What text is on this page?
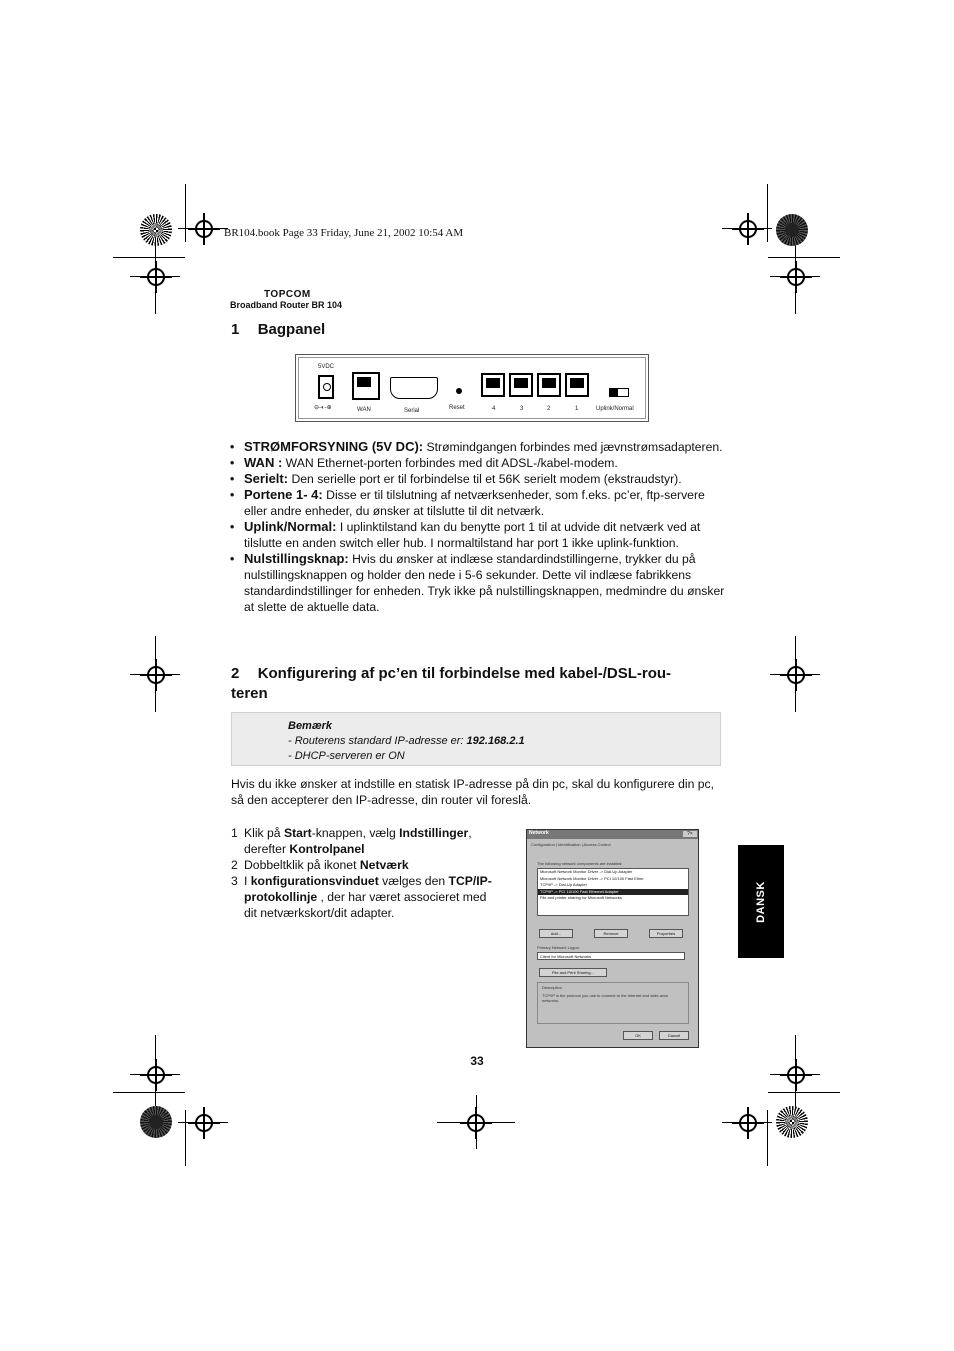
BR104.book Page 33 Friday, June 21, 2002 10:54 AM
TOPCOM
Broadband Router BR 104
1 Bagpanel
5VDC
⊖-◐-⊕	WAN	Serial	Reset	4	3	2	1	Uplink/Normal
• STRØMFORSYNING (5V DC): Strømindgangen forbindes med jævnstrømsadapteren.
• WAN : WAN Ethernet-porten forbindes med dit ADSL-/kabel-modem.
• Serielt: Den serielle port er til forbindelse til et 56K serielt modem (ekstraudstyr).
• Portene 1- 4: Disse er til tilslutning af netværksenheder, som f.eks. pc’er, ftp-servere eller andre enheder, du ønsker at tilslutte til dit netværk.
• Uplink/Normal: I uplinktilstand kan du benytte port 1 til at udvide dit netværk ved at tilslutte en anden switch eller hub. I normaltilstand har port 1 ikke uplink-funktion.
• Nulstillingsknap: Hvis du ønsker at indlæse standardindstillingerne, trykker du på nulstillingsknappen og holder den nede i 5-6 sekunder. Dette vil indlæse fabrikkens standardindstillinger for enheden. Tryk ikke på nulstillingsknappen, medmindre du ønsker at slette de aktuelle data.
2 Konfigurering af pc’en til forbindelse med kabel-/DSL-rou-
teren
Bemærk
- Routerens standard IP-adresse er: 192.168.2.1
- DHCP-serveren er ON
Hvis du ikke ønsker at indstille en statisk IP-adresse på din pc, skal du konfigurere din pc, så den accepterer den IP-adresse, din router vil foreslå.
1 Klik på Start-knappen, vælg Indstillinger, derefter Kontrolpanel
2 Dobbeltklik på ikonet Netværk
3 I konfigurationsvinduet vælges den TCP/IP-protokollinje , der har været associeret med dit netværkskort/dit adapter.
Network	?×
Configuration | Identification | Access Control
The following network components are installed:
Microsoft Network Monitor Driver -> Dial-Up Adapter
Microsoft Network Monitor Driver -> PCI 10/100 Fast Ether
TCP/IP -> Dial-Up Adapter
TCP/IP -> PCI 10/100 Fast Ethernet Adapter
File and printer sharing for Microsoft Networks
Add...	Remove	Properties
Primary Network Logon:
Client for Microsoft Networks
File and Print Sharing...
Description
TCP/IP is the protocol you use to connect to the Internet and wide-area networks.
OK	Cancel
DANSK
33
